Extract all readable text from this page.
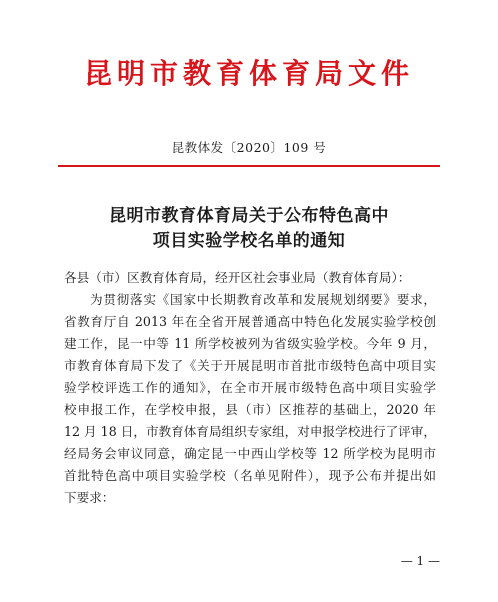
昆明市教育体育局文件
昆教体发〔2020〕109 号
昆明市教育体育局关于公布特色高中
项目实验学校名单的通知
各县（市）区教育体育局，经开区社会事业局（教育体育局）：
为贯彻落实《国家中长期教育改革和发展规划纲要》要求，
省教育厅自 2013 年在全省开展普通高中特色化发展实验学校创
建工作，昆一中等 11 所学校被列为省级实验学校。今年 9 月，
市教育体育局下发了《关于开展昆明市首批市级特色高中项目实
验学校评选工作的通知》，在全市开展市级特色高中项目实验学
校申报工作，在学校申报，县（市）区推荐的基础上，2020 年
12 月 18 日，市教育体育局组织专家组，对申报学校进行了评审，
经局务会审议同意，确定昆一中西山学校等 12 所学校为昆明市
首批特色高中项目实验学校（名单见附件），现予公布并提出如
下要求：
— 1 —
